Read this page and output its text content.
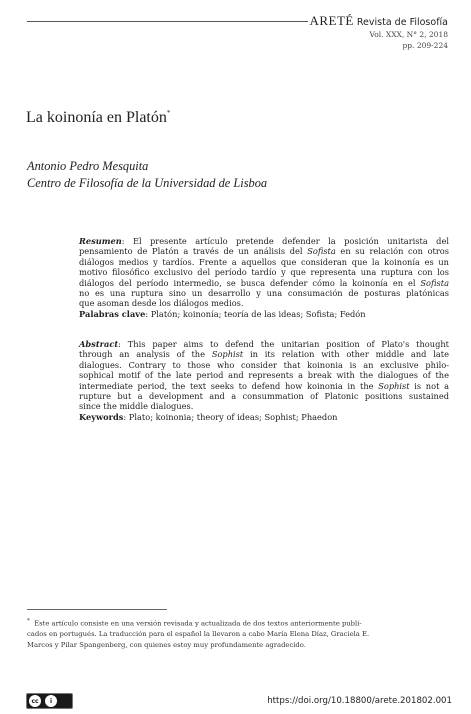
ARETÉ Revista de Filosofía
Vol. XXX, N° 2, 2018
pp. 209-224
La koinonía en Platón*
Antonio Pedro Mesquita
Centro de Filosofía de la Universidad de Lisboa
Resumen: El presente artículo pretende defender la posición unitarista del
pensamiento de Platón a través de un análisis del Sofista en su relación con otros
diálogos medios y tardíos. Frente a aquellos que consideran que la koinonía es un
motivo filosófico exclusivo del período tardío y que representa una ruptura con los
diálogos del período intermedio, se busca defender cómo la koinonía en el Sofista
no es una ruptura sino un desarrollo y una consumación de posturas platónicas
que asoman desde los diálogos medios.
Palabras clave: Platón; koinonía; teoría de las ideas; Sofista; Fedón
Abstract: This paper aims to defend the unitarian position of Plato's thought
through an analysis of the Sophist in its relation with other middle and late
dialogues. Contrary to those who consider that koinonia is an exclusive philo-
sophical motif of the late period and represents a break with the dialogues of the
intermediate period, the text seeks to defend how koinonia in the Sophist is not a
rupture but a development and a consummation of Platonic positions sustained
since the middle dialogues.
Keywords: Plato; koinonia; theory of ideas; Sophist; Phaedon
* Este artículo consiste en una versión revisada y actualizada de dos textos anteriormente publi-
cados en portugués. La traducción para el español la llevaron a cabo María Elena Díaz, Graciela E.
Marcos y Pilar Spangenberg, con quienes estoy muy profundamente agradecido.
cc	i	https://doi.org/10.18800/arete.201802.001
